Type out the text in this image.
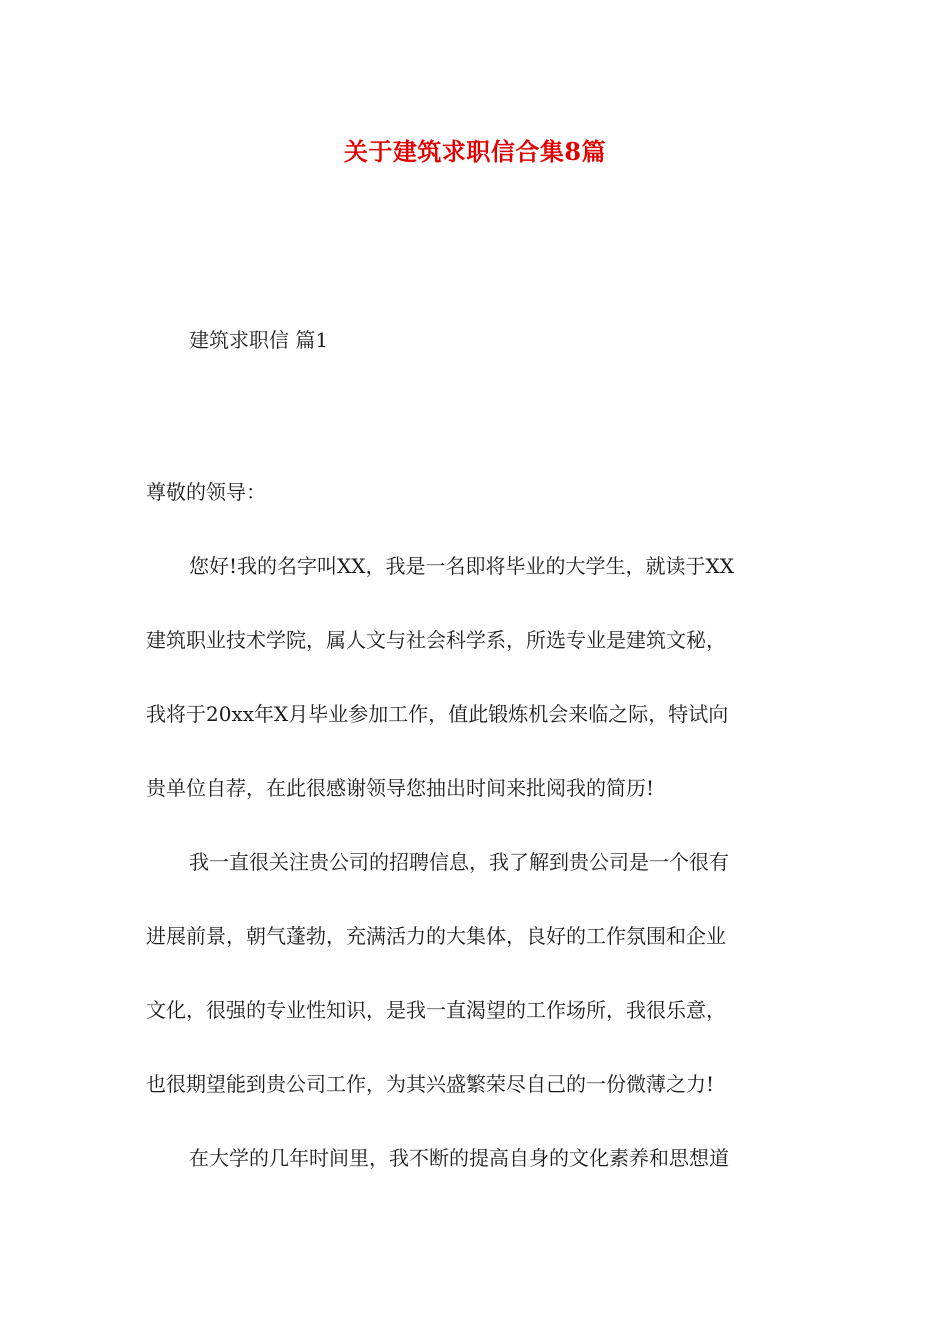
关于建筑求职信合集8篇

建筑求职信 篇1

尊敬的领导：

您好!我的名字叫XX，我是一名即将毕业的大学生，就读于XX

建筑职业技术学院，属人文与社会科学系，所选专业是建筑文秘，

我将于20xx年X月毕业参加工作，值此锻炼机会来临之际，特试向

贵单位自荐，在此很感谢领导您抽出时间来批阅我的简历!

我一直很关注贵公司的招聘信息，我了解到贵公司是一个很有

进展前景，朝气蓬勃，充满活力的大集体，良好的工作氛围和企业

文化，很强的专业性知识，是我一直渴望的工作场所，我很乐意，

也很期望能到贵公司工作，为其兴盛繁荣尽自己的一份微薄之力!

在大学的几年时间里，我不断的提高自身的文化素养和思想道
